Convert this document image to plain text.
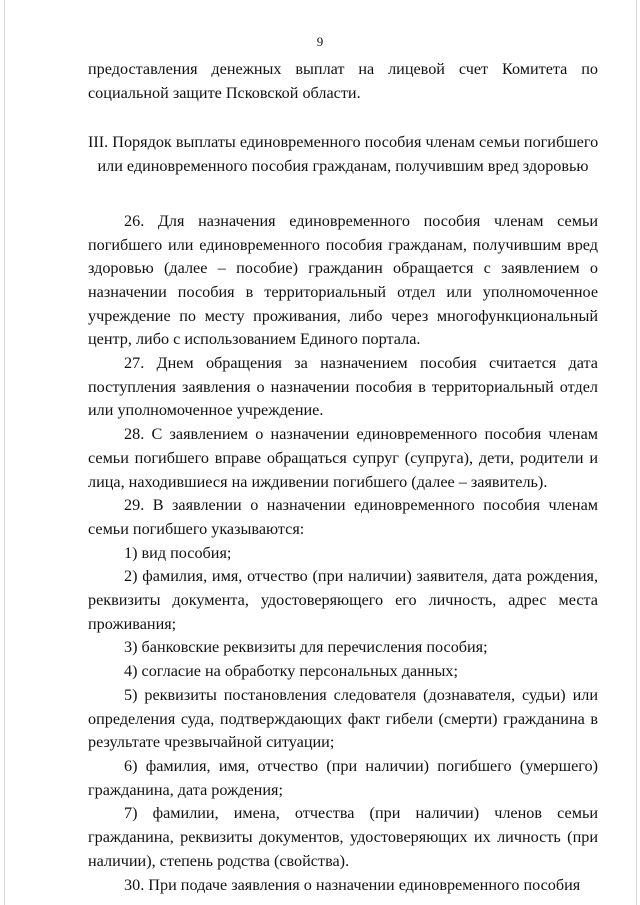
9

предоставления денежных выплат на лицевой счет Комитета по социальной защите Псковской области.

III. Порядок выплаты единовременного пособия членам семьи погибшего
или единовременного пособия гражданам, получившим вред здоровью

26. Для назначения единовременного пособия членам семьи погибшего или единовременного пособия гражданам, получившим вред здоровью (далее – пособие) гражданин обращается с заявлением о назначении пособия в территориальный отдел или уполномоченное учреждение по месту проживания, либо через многофункциональный центр, либо с использованием Единого портала.

27. Днем обращения за назначением пособия считается дата поступления заявления о назначении пособия в территориальный отдел или уполномоченное учреждение.

28. С заявлением о назначении единовременного пособия членам семьи погибшего вправе обращаться супруг (супруга), дети, родители и лица, находившиеся на иждивении погибшего (далее – заявитель).

29. В заявлении о назначении единовременного пособия членам семьи погибшего указываются:

1) вид пособия;

2) фамилия, имя, отчество (при наличии) заявителя, дата рождения, реквизиты документа, удостоверяющего его личность, адрес места проживания;

3) банковские реквизиты для перечисления пособия;

4) согласие на обработку персональных данных;

5) реквизиты постановления следователя (дознавателя, судьи) или определения суда, подтверждающих факт гибели (смерти) гражданина в результате чрезвычайной ситуации;

6) фамилия, имя, отчество (при наличии) погибшего (умершего) гражданина, дата рождения;

7) фамилии, имена, отчества (при наличии) членов семьи гражданина, реквизиты документов, удостоверяющих их личность (при наличии), степень родства (свойства).

30. При подаче заявления о назначении единовременного пособия
